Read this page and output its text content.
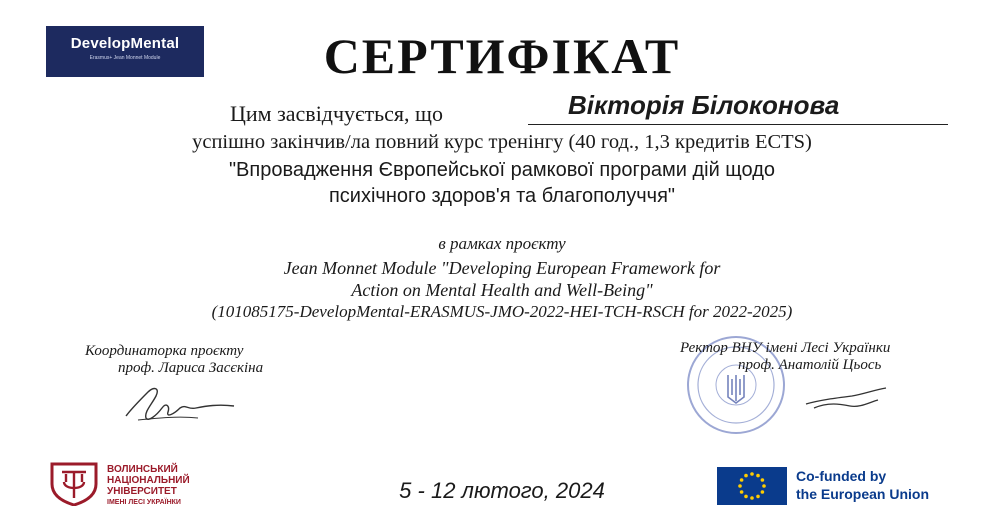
DevelopMental
Erasmus+ Jean Monnet Module	СЕРТИФІКАТ
Цим засвідчується, що	Вікторія Білоконова
успішно закінчив/ла повний курс тренінгу (40 год., 1,3 кредитів ECTS)
"Впровадження Європейської рамкової програми дій щодо
психічного здоров'я та благополуччя"
в рамках проєкту
Jean Monnet Module "Developing European Framework for
Action on Mental Health and Well-Being"
(101085175-DevelopMental-ERASMUS-JMO-2022-HEI-TCH-RSCH for 2022-2025)
Координаторка проєкту
проф. Лариса Засєкіна
Ректор ВНУ імені Лесі Українки
проф. Анатолій Цьось
ВОЛИНСЬКИЙ
НАЦІОНАЛЬНИЙ
УНІВЕРСИТЕТ
ІМЕНІ ЛЕСІ УКРАЇНКИ	5 - 12 лютого, 2024
Co-funded by
the European Union
